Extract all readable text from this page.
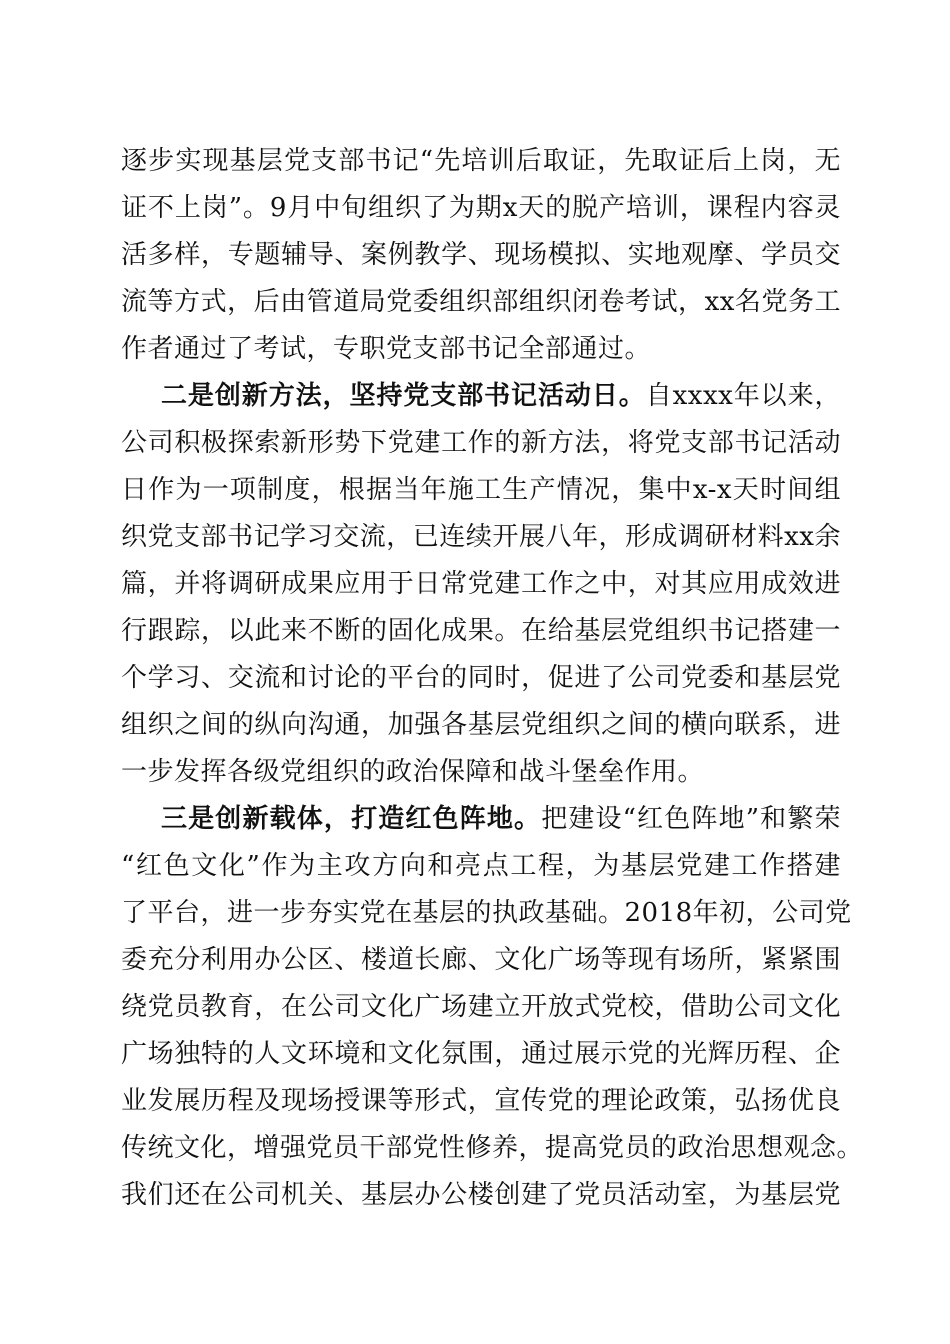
逐步实现基层党支部书记“先培训后取证，先取证后上岗，无
证不上岗”。9月中旬组织了为期x天的脱产培训，课程内容灵
活多样，专题辅导、案例教学、现场模拟、实地观摩、学员交
流等方式，后由管道局党委组织部组织闭卷考试，xx名党务工
作者通过了考试，专职党支部书记全部通过。
二是创新方法，坚持党支部书记活动日。自xxxx年以来，
公司积极探索新形势下党建工作的新方法，将党支部书记活动
日作为一项制度，根据当年施工生产情况，集中x-x天时间组
织党支部书记学习交流，已连续开展八年，形成调研材料xx余
篇，并将调研成果应用于日常党建工作之中，对其应用成效进
行跟踪，以此来不断的固化成果。在给基层党组织书记搭建一
个学习、交流和讨论的平台的同时，促进了公司党委和基层党
组织之间的纵向沟通，加强各基层党组织之间的横向联系，进
一步发挥各级党组织的政治保障和战斗堡垒作用。
三是创新载体，打造红色阵地。把建设“红色阵地”和繁荣
“红色文化”作为主攻方向和亮点工程，为基层党建工作搭建
了平台，进一步夯实党在基层的执政基础。2018年初，公司党
委充分利用办公区、楼道长廊、文化广场等现有场所，紧紧围
绕党员教育，在公司文化广场建立开放式党校，借助公司文化
广场独特的人文环境和文化氛围，通过展示党的光辉历程、企
业发展历程及现场授课等形式，宣传党的理论政策，弘扬优良
传统文化，增强党员干部党性修养，提高党员的政治思想观念。
我们还在公司机关、基层办公楼创建了党员活动室，为基层党
